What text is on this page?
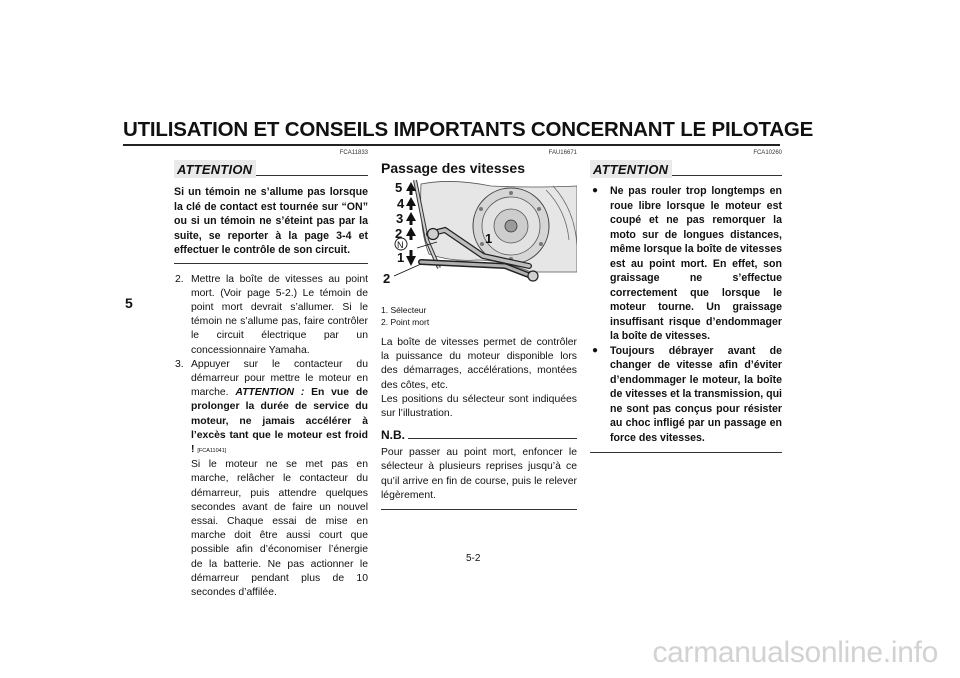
UTILISATION ET CONSEILS IMPORTANTS CONCERNANT LE PILOTAGE
5
FCA11833
ATTENTION
Si un témoin ne s’allume pas lorsque la clé de contact est tournée sur “ON” ou si un témoin ne s’éteint pas par la suite, se reporter à la page 3-4 et effectuer le contrôle de son circuit.
2. Mettre la boîte de vitesses au point mort. (Voir page 5-2.) Le témoin de point mort devrait s’allumer. Si le témoin ne s’allume pas, faire contrôler le circuit électrique par un concessionnaire Yamaha.
3. Appuyer sur le contacteur du démarreur pour mettre le moteur en marche. ATTENTION : En vue de prolonger la durée de service du moteur, ne jamais accélérer à l’excès tant que le moteur est froid ! [FCA11041]
Si le moteur ne se met pas en marche, relâcher le contacteur du démarreur, puis attendre quelques secondes avant de faire un nouvel essai. Chaque essai de mise en marche doit être aussi court que possible afin d’économiser l’énergie de la batterie. Ne pas actionner le démarreur pendant plus de 10 secondes d’affilée.
FAU16671
Passage des vitesses
5
4
3
2
N
1
1
2
1. Sélecteur
2. Point mort
La boîte de vitesses permet de contrôler la puissance du moteur disponible lors des démarrages, accélérations, montées des côtes, etc.
Les positions du sélecteur sont indiquées sur l’illustration.
N.B.
Pour passer au point mort, enfoncer le sélecteur à plusieurs reprises jusqu’à ce qu’il arrive en fin de course, puis le relever légèrement.
FCA10260
ATTENTION
●	Ne pas rouler trop longtemps en roue libre lorsque le moteur est coupé et ne pas remorquer la moto sur de longues distances, même lorsque la boîte de vitesses est au point mort. En effet, son graissage ne s’effectue correctement que lorsque le moteur tourne. Un graissage insuffisant risque d’endommager la boîte de vitesses.
●	Toujours débrayer avant de changer de vitesse afin d’éviter d’endommager le moteur, la boîte de vitesses et la transmission, qui ne sont pas conçus pour résister au choc infligé par un passage en force des vitesses.
5-2
carmanualsonline.info
